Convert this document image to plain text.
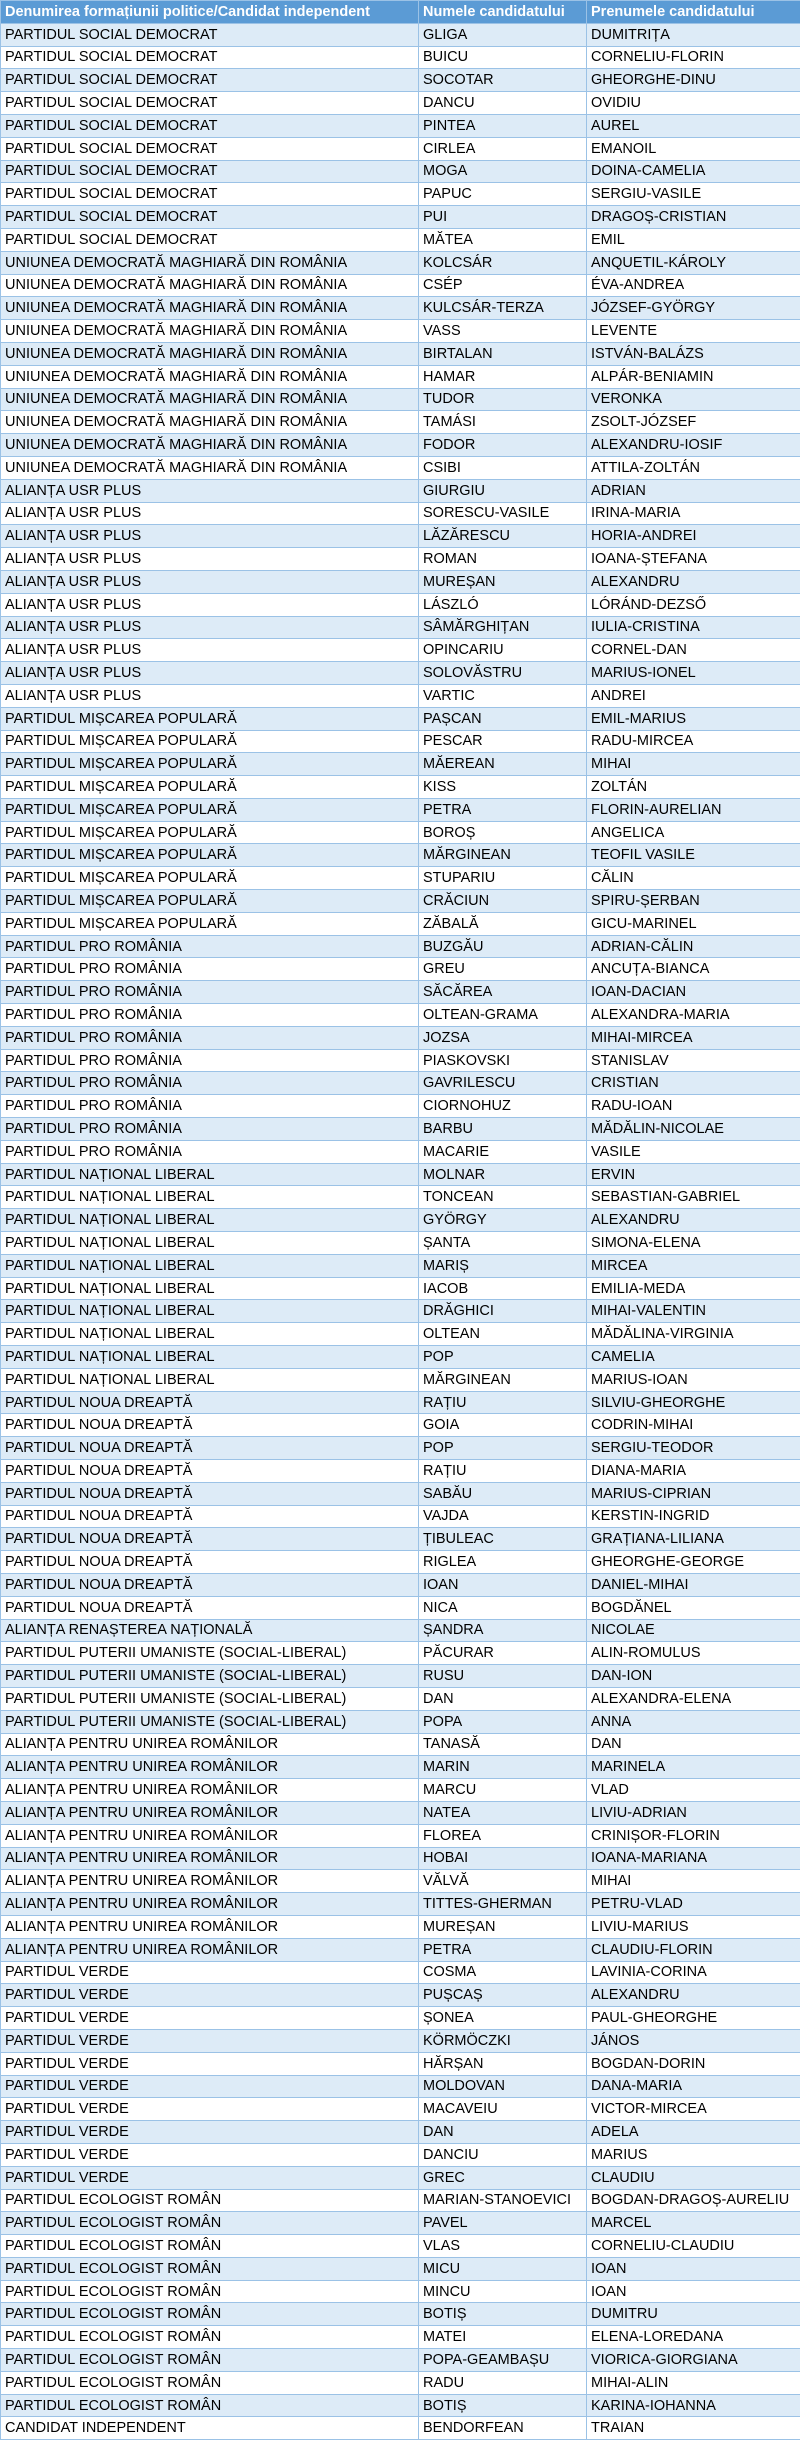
Denumirea formațiunii politice/Candidat independent	Numele candidatului	Prenumele candidatului
PARTIDUL SOCIAL DEMOCRAT	GLIGA	DUMITRIȚA
PARTIDUL SOCIAL DEMOCRAT	BUICU	CORNELIU-FLORIN
PARTIDUL SOCIAL DEMOCRAT	SOCOTAR	GHEORGHE-DINU
PARTIDUL SOCIAL DEMOCRAT	DANCU	OVIDIU
PARTIDUL SOCIAL DEMOCRAT	PINTEA	AUREL
PARTIDUL SOCIAL DEMOCRAT	CIRLEA	EMANOIL
PARTIDUL SOCIAL DEMOCRAT	MOGA	DOINA-CAMELIA
PARTIDUL SOCIAL DEMOCRAT	PAPUC	SERGIU-VASILE
PARTIDUL SOCIAL DEMOCRAT	PUI	DRAGOȘ-CRISTIAN
PARTIDUL SOCIAL DEMOCRAT	MĂTEA	EMIL
UNIUNEA DEMOCRATĂ MAGHIARĂ DIN ROMÂNIA	KOLCSÁR	ANQUETIL-KÁROLY
UNIUNEA DEMOCRATĂ MAGHIARĂ DIN ROMÂNIA	CSÉP	ÉVA-ANDREA
UNIUNEA DEMOCRATĂ MAGHIARĂ DIN ROMÂNIA	KULCSÁR-TERZA	JÓZSEF-GYÖRGY
UNIUNEA DEMOCRATĂ MAGHIARĂ DIN ROMÂNIA	VASS	LEVENTE
UNIUNEA DEMOCRATĂ MAGHIARĂ DIN ROMÂNIA	BIRTALAN	ISTVÁN-BALÁZS
UNIUNEA DEMOCRATĂ MAGHIARĂ DIN ROMÂNIA	HAMAR	ALPÁR-BENIAMIN
UNIUNEA DEMOCRATĂ MAGHIARĂ DIN ROMÂNIA	TUDOR	VERONKA
UNIUNEA DEMOCRATĂ MAGHIARĂ DIN ROMÂNIA	TAMÁSI	ZSOLT-JÓZSEF
UNIUNEA DEMOCRATĂ MAGHIARĂ DIN ROMÂNIA	FODOR	ALEXANDRU-IOSIF
UNIUNEA DEMOCRATĂ MAGHIARĂ DIN ROMÂNIA	CSIBI	ATTILA-ZOLTÁN
ALIANȚA USR PLUS	GIURGIU	ADRIAN
ALIANȚA USR PLUS	SORESCU-VASILE	IRINA-MARIA
ALIANȚA USR PLUS	LĂZĂRESCU	HORIA-ANDREI
ALIANȚA USR PLUS	ROMAN	IOANA-ȘTEFANA
ALIANȚA USR PLUS	MUREȘAN	ALEXANDRU
ALIANȚA USR PLUS	LÁSZLÓ	LÓRÁND-DEZSŐ
ALIANȚA USR PLUS	SÂMĂRGHIȚAN	IULIA-CRISTINA
ALIANȚA USR PLUS	OPINCARIU	CORNEL-DAN
ALIANȚA USR PLUS	SOLOVĂSTRU	MARIUS-IONEL
ALIANȚA USR PLUS	VARTIC	ANDREI
PARTIDUL MIȘCAREA POPULARĂ	PAȘCAN	EMIL-MARIUS
PARTIDUL MIȘCAREA POPULARĂ	PESCAR	RADU-MIRCEA
PARTIDUL MIȘCAREA POPULARĂ	MĂEREAN	MIHAI
PARTIDUL MIȘCAREA POPULARĂ	KISS	ZOLTÁN
PARTIDUL MIȘCAREA POPULARĂ	PETRA	FLORIN-AURELIAN
PARTIDUL MIȘCAREA POPULARĂ	BOROȘ	ANGELICA
PARTIDUL MIȘCAREA POPULARĂ	MĂRGINEAN	TEOFIL VASILE
PARTIDUL MIȘCAREA POPULARĂ	STUPARIU	CĂLIN
PARTIDUL MIȘCAREA POPULARĂ	CRĂCIUN	SPIRU-ȘERBAN
PARTIDUL MIȘCAREA POPULARĂ	ZĂBALĂ	GICU-MARINEL
PARTIDUL PRO ROMÂNIA	BUZGĂU	ADRIAN-CĂLIN
PARTIDUL PRO ROMÂNIA	GREU	ANCUȚA-BIANCA
PARTIDUL PRO ROMÂNIA	SĂCĂREA	IOAN-DACIAN
PARTIDUL PRO ROMÂNIA	OLTEAN-GRAMA	ALEXANDRA-MARIA
PARTIDUL PRO ROMÂNIA	JOZSA	MIHAI-MIRCEA
PARTIDUL PRO ROMÂNIA	PIASKOVSKI	STANISLAV
PARTIDUL PRO ROMÂNIA	GAVRILESCU	CRISTIAN
PARTIDUL PRO ROMÂNIA	CIORNOHUZ	RADU-IOAN
PARTIDUL PRO ROMÂNIA	BARBU	MĂDĂLIN-NICOLAE
PARTIDUL PRO ROMÂNIA	MACARIE	VASILE
PARTIDUL NAȚIONAL LIBERAL	MOLNAR	ERVIN
PARTIDUL NAȚIONAL LIBERAL	TONCEAN	SEBASTIAN-GABRIEL
PARTIDUL NAȚIONAL LIBERAL	GYÖRGY	ALEXANDRU
PARTIDUL NAȚIONAL LIBERAL	ȘANTA	SIMONA-ELENA
PARTIDUL NAȚIONAL LIBERAL	MARIȘ	MIRCEA
PARTIDUL NAȚIONAL LIBERAL	IACOB	EMILIA-MEDA
PARTIDUL NAȚIONAL LIBERAL	DRĂGHICI	MIHAI-VALENTIN
PARTIDUL NAȚIONAL LIBERAL	OLTEAN	MĂDĂLINA-VIRGINIA
PARTIDUL NAȚIONAL LIBERAL	POP	CAMELIA
PARTIDUL NAȚIONAL LIBERAL	MĂRGINEAN	MARIUS-IOAN
PARTIDUL NOUA DREAPTĂ	RAȚIU	SILVIU-GHEORGHE
PARTIDUL NOUA DREAPTĂ	GOIA	CODRIN-MIHAI
PARTIDUL NOUA DREAPTĂ	POP	SERGIU-TEODOR
PARTIDUL NOUA DREAPTĂ	RAȚIU	DIANA-MARIA
PARTIDUL NOUA DREAPTĂ	SABĂU	MARIUS-CIPRIAN
PARTIDUL NOUA DREAPTĂ	VAJDA	KERSTIN-INGRID
PARTIDUL NOUA DREAPTĂ	ȚIBULEAC	GRAȚIANA-LILIANA
PARTIDUL NOUA DREAPTĂ	RIGLEA	GHEORGHE-GEORGE
PARTIDUL NOUA DREAPTĂ	IOAN	DANIEL-MIHAI
PARTIDUL NOUA DREAPTĂ	NICA	BOGDĂNEL
ALIANȚA RENAȘTEREA NAȚIONALĂ	ȘANDRA	NICOLAE
PARTIDUL PUTERII UMANISTE (SOCIAL-LIBERAL)	PĂCURAR	ALIN-ROMULUS
PARTIDUL PUTERII UMANISTE (SOCIAL-LIBERAL)	RUSU	DAN-ION
PARTIDUL PUTERII UMANISTE (SOCIAL-LIBERAL)	DAN	ALEXANDRA-ELENA
PARTIDUL PUTERII UMANISTE (SOCIAL-LIBERAL)	POPA	ANNA
ALIANȚA PENTRU UNIREA ROMÂNILOR	TANASĂ	DAN
ALIANȚA PENTRU UNIREA ROMÂNILOR	MARIN	MARINELA
ALIANȚA PENTRU UNIREA ROMÂNILOR	MARCU	VLAD
ALIANȚA PENTRU UNIREA ROMÂNILOR	NATEA	LIVIU-ADRIAN
ALIANȚA PENTRU UNIREA ROMÂNILOR	FLOREA	CRINIȘOR-FLORIN
ALIANȚA PENTRU UNIREA ROMÂNILOR	HOBAI	IOANA-MARIANA
ALIANȚA PENTRU UNIREA ROMÂNILOR	VĂLVĂ	MIHAI
ALIANȚA PENTRU UNIREA ROMÂNILOR	TITTES-GHERMAN	PETRU-VLAD
ALIANȚA PENTRU UNIREA ROMÂNILOR	MUREȘAN	LIVIU-MARIUS
ALIANȚA PENTRU UNIREA ROMÂNILOR	PETRA	CLAUDIU-FLORIN
PARTIDUL VERDE	COSMA	LAVINIA-CORINA
PARTIDUL VERDE	PUȘCAȘ	ALEXANDRU
PARTIDUL VERDE	ȘONEA	PAUL-GHEORGHE
PARTIDUL VERDE	KÖRMÖCZKI	JÁNOS
PARTIDUL VERDE	HĂRȘAN	BOGDAN-DORIN
PARTIDUL VERDE	MOLDOVAN	DANA-MARIA
PARTIDUL VERDE	MACAVEIU	VICTOR-MIRCEA
PARTIDUL VERDE	DAN	ADELA
PARTIDUL VERDE	DANCIU	MARIUS
PARTIDUL VERDE	GREC	CLAUDIU
PARTIDUL ECOLOGIST ROMÂN	MARIAN-STANOEVICI	BOGDAN-DRAGOȘ-AURELIU
PARTIDUL ECOLOGIST ROMÂN	PAVEL	MARCEL
PARTIDUL ECOLOGIST ROMÂN	VLAS	CORNELIU-CLAUDIU
PARTIDUL ECOLOGIST ROMÂN	MICU	IOAN
PARTIDUL ECOLOGIST ROMÂN	MINCU	IOAN
PARTIDUL ECOLOGIST ROMÂN	BOTIȘ	DUMITRU
PARTIDUL ECOLOGIST ROMÂN	MATEI	ELENA-LOREDANA
PARTIDUL ECOLOGIST ROMÂN	POPA-GEAMBAȘU	VIORICA-GIORGIANA
PARTIDUL ECOLOGIST ROMÂN	RADU	MIHAI-ALIN
PARTIDUL ECOLOGIST ROMÂN	BOTIȘ	KARINA-IOHANNA
CANDIDAT INDEPENDENT	BENDORFEAN	TRAIAN
